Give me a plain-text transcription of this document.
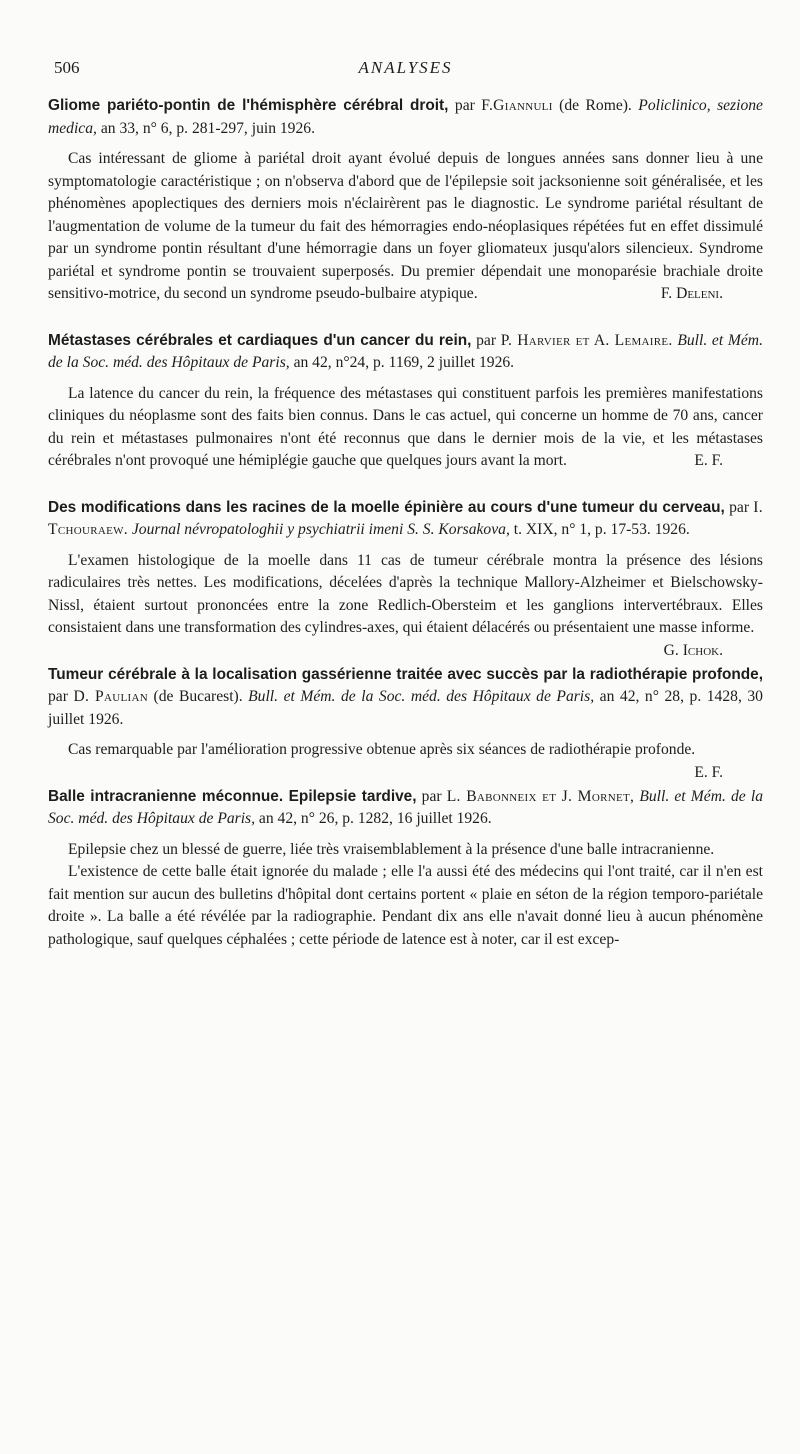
506	ANALYSES
Gliome pariéto-pontin de l'hémisphère cérébral droit, par F.Giannuli (de Rome). Policlinico, sezione medica, an 33, n° 6, p. 281-297, juin 1926.

Cas intéressant de gliome à pariétal droit ayant évolué depuis de longues années sans donner lieu à une symptomatologie caractéristique ; on n'observa d'abord que de l'épilepsie soit jacksonienne soit généralisée, et les phénomènes apoplectiques des derniers mois n'éclairèrent pas le diagnostic. Le syndrome pariétal résultant de l'augmentation de volume de la tumeur du fait des hémorragies endo-néoplasiques répétées fut en effet dissimulé par un syndrome pontin résultant d'une hémorragie dans un foyer gliomateux jusqu'alors silencieux. Syndrome pariétal et syndrome pontin se trouvaient superposés. Du premier dépendait une monoparésie brachiale droite sensitivo-motrice, du second un syndrome pseudo-bulbaire atypique.	F. Deleni.

Métastases cérébrales et cardiaques d'un cancer du rein, par P. Harvier et A. Lemaire. Bull. et Mém. de la Soc. méd. des Hôpitaux de Paris, an 42, n°24, p. 1169, 2 juillet 1926.

La latence du cancer du rein, la fréquence des métastases qui constituent parfois les premières manifestations cliniques du néoplasme sont des faits bien connus. Dans le cas actuel, qui concerne un homme de 70 ans, cancer du rein et métastases pulmonaires n'ont été reconnus que dans le dernier mois de la vie, et les métastases cérébrales n'ont provoqué une hémiplégie gauche que quelques jours avant la mort.	E. F.

Des modifications dans les racines de la moelle épinière au cours d'une tumeur du cerveau, par I. Tchouraew. Journal névropatologhii y psychiatrii imeni S. S. Korsakova, t. XIX, n° 1, p. 17-53. 1926.

L'examen histologique de la moelle dans 11 cas de tumeur cérébrale montra la présence des lésions radiculaires très nettes. Les modifications, décelées d'après la technique Mallory-Alzheimer et Bielschowsky-Nissl, étaient surtout prononcées entre la zone Redlich-Obersteim et les ganglions intervertébraux. Elles consistaient dans une transformation des cylindres-axes, qui étaient délacérés ou présentaient une masse informe.
G. Ichok.

Tumeur cérébrale à la localisation gassérienne traitée avec succès par la radiothérapie profonde, par D. Paulian (de Bucarest). Bull. et Mém. de la Soc. méd. des Hôpitaux de Paris, an 42, n° 28, p. 1428, 30 juillet 1926.

Cas remarquable par l'amélioration progressive obtenue après six séances de radiothérapie profonde.
E. F.

Balle intracranienne méconnue. Epilepsie tardive, par L. Babonneix et J. Mornet, Bull. et Mém. de la Soc. méd. des Hôpitaux de Paris, an 42, n° 26, p. 1282, 16 juillet 1926.

Epilepsie chez un blessé de guerre, liée très vraisemblablement à la présence d'une balle intracranienne.

L'existence de cette balle était ignorée du malade ; elle l'a aussi été des médecins qui l'ont traité, car il n'en est fait mention sur aucun des bulletins d'hôpital dont certains portent « plaie en séton de la région temporo-pariétale droite ». La balle a été révélée par la radiographie. Pendant dix ans elle n'avait donné lieu à aucun phénomène pathologique, sauf quelques céphalées ; cette période de latence est à noter, car il est excep-
